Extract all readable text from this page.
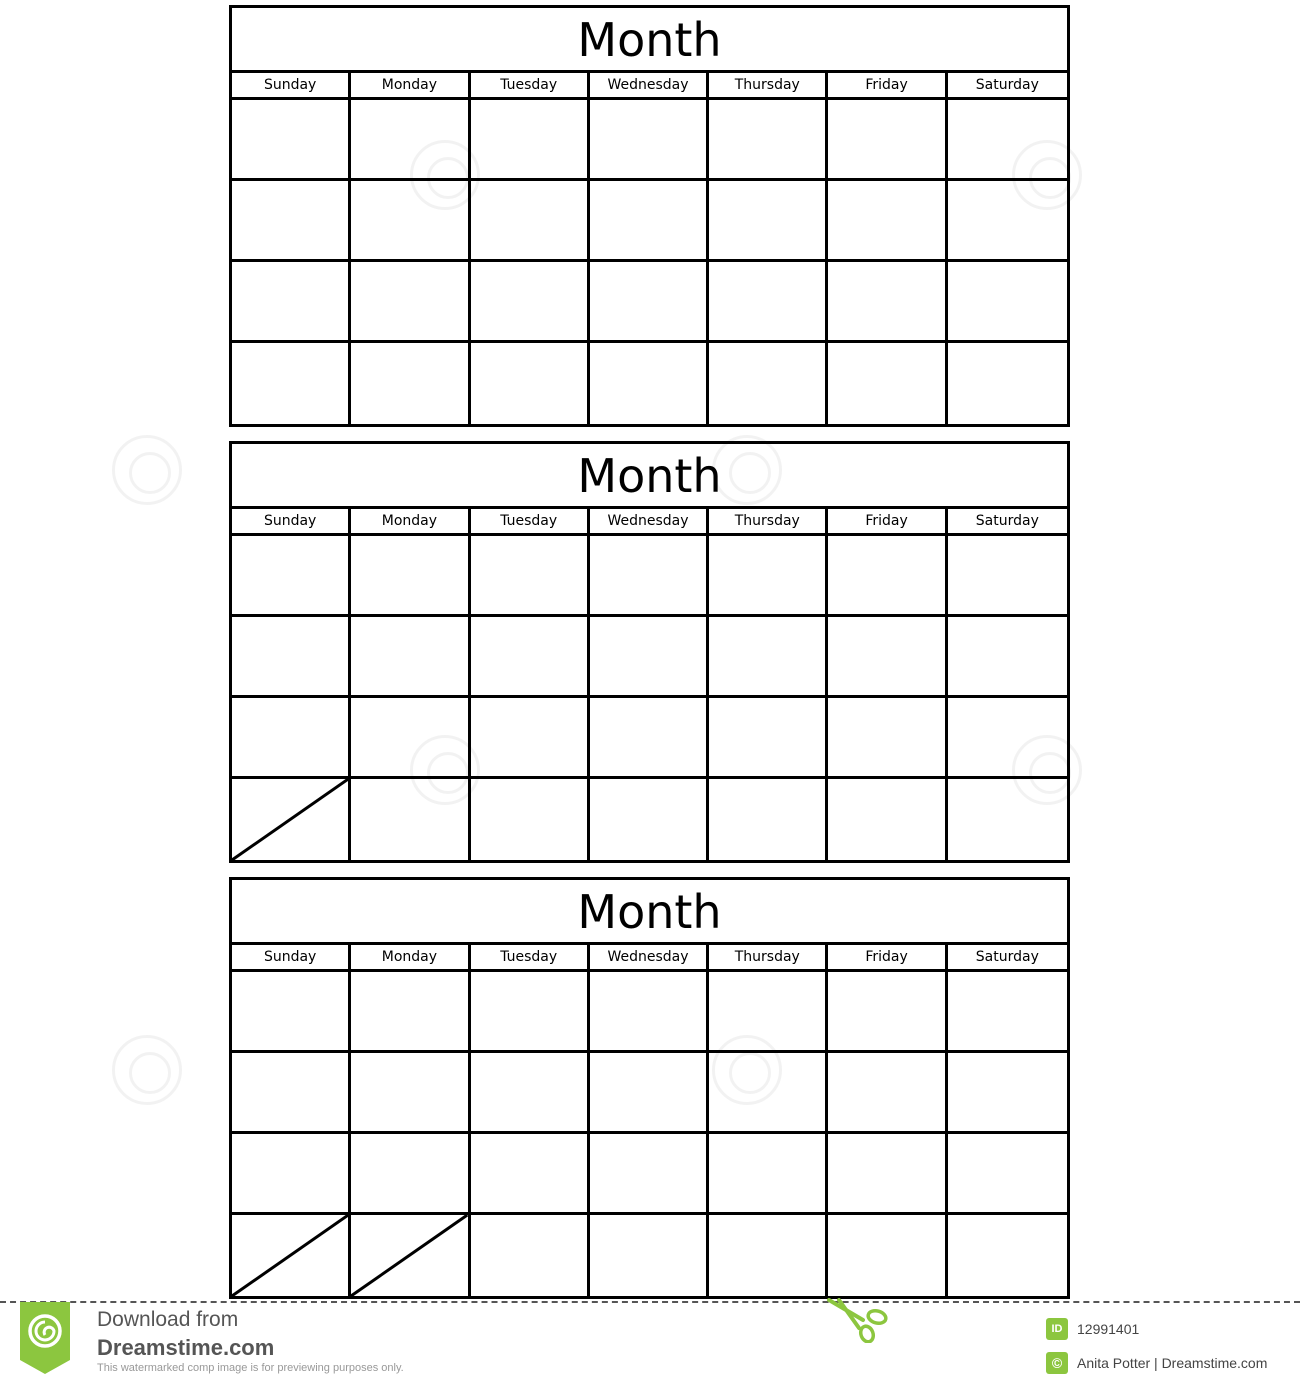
Month
Sunday	Monday	Tuesday	Wednesday	Thursday	Friday	Saturday
Month
Sunday	Monday	Tuesday	Wednesday	Thursday	Friday	Saturday
Month
Sunday	Monday	Tuesday	Wednesday	Thursday	Friday	Saturday
Download from
Dreamstime.com
This watermarked comp image is for previewing purposes only.
ID	12991401
©	Anita Potter | Dreamstime.com
